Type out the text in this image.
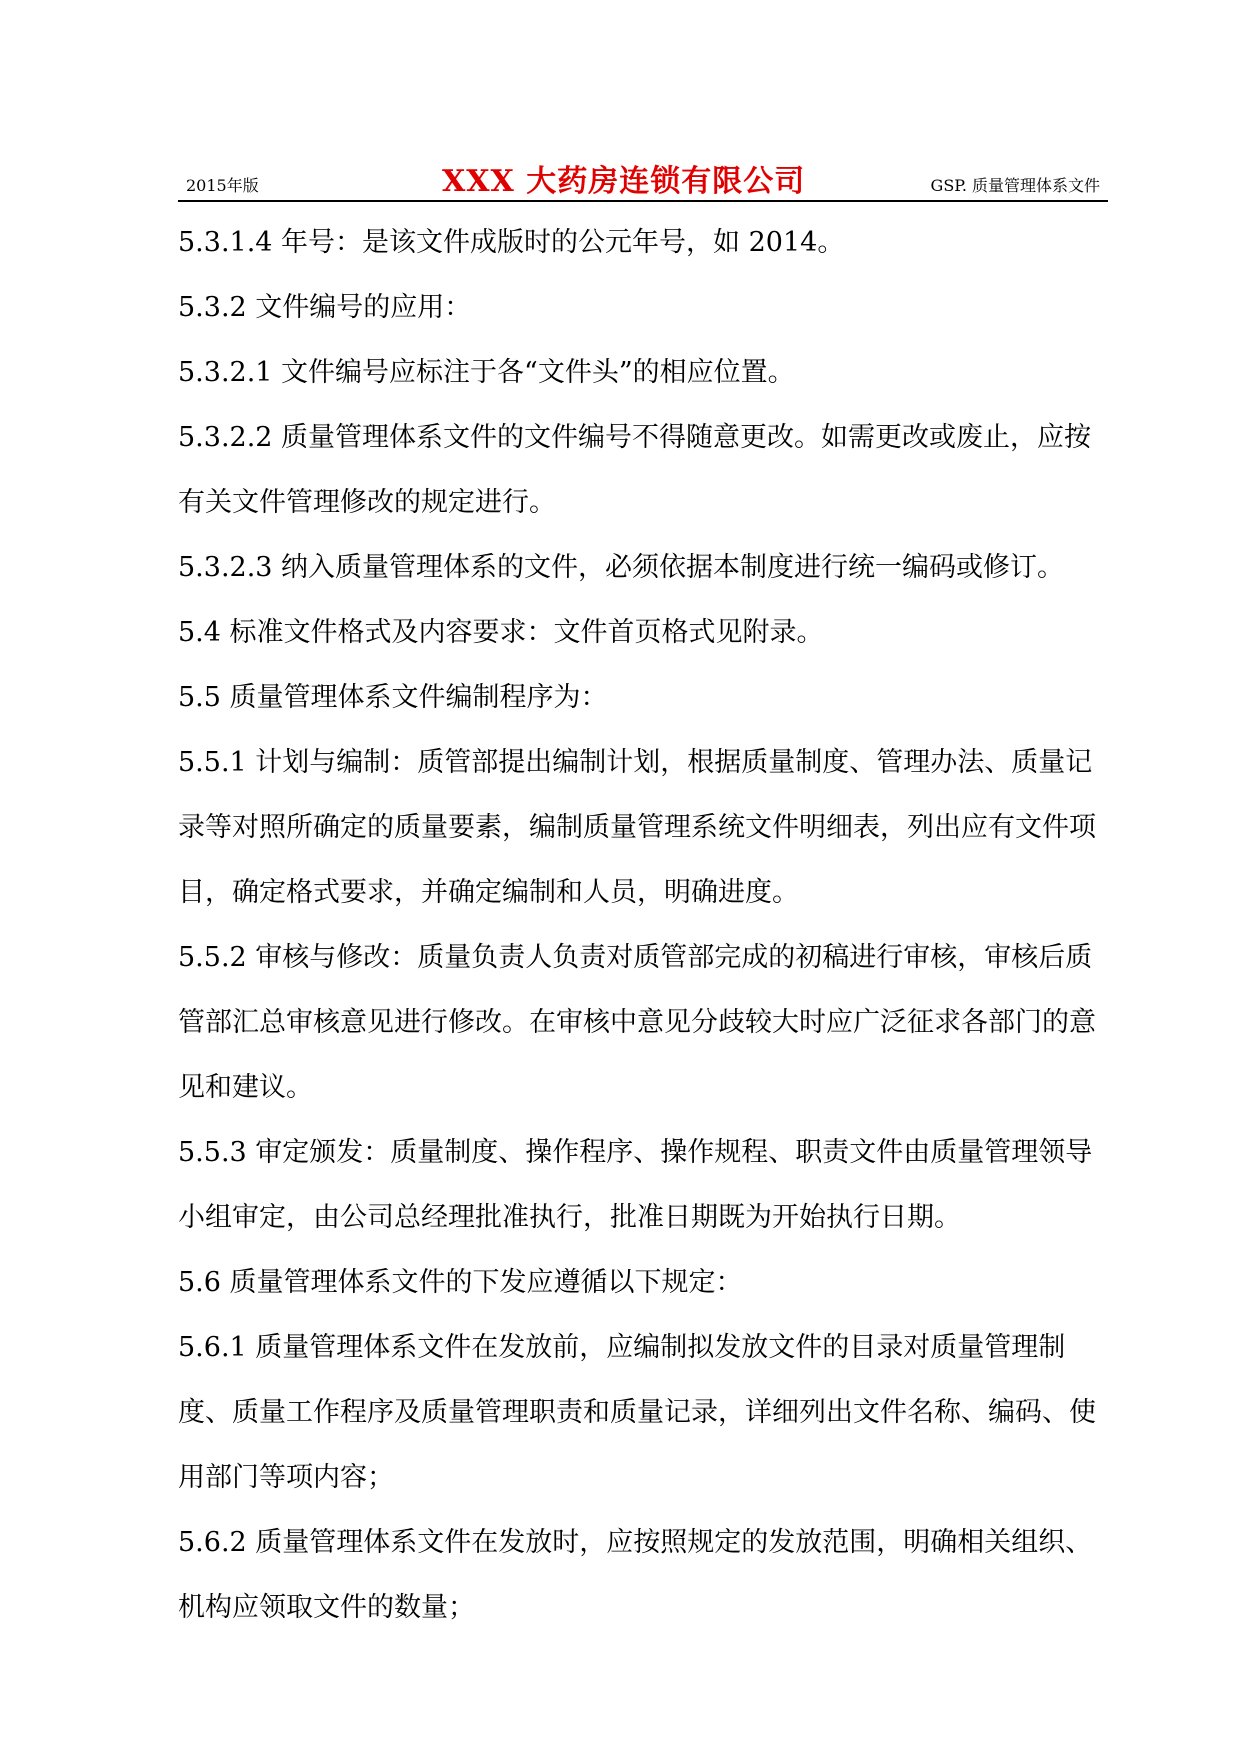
2015年版	XXX 大药房连锁有限公司	GSP. 质量管理体系文件

5.3.1.4 年号：是该文件成版时的公元年号，如 2014。

5.3.2 文件编号的应用：

5.3.2.1 文件编号应标注于各“文件头”的相应位置。

5.3.2.2 质量管理体系文件的文件编号不得随意更改。如需更改或废止，应按有关文件管理修改的规定进行。

5.3.2.3 纳入质量管理体系的文件，必须依据本制度进行统一编码或修订。

5.4 标准文件格式及内容要求：文件首页格式见附录。

5.5 质量管理体系文件编制程序为：

5.5.1 计划与编制：质管部提出编制计划，根据质量制度、管理办法、质量记录等对照所确定的质量要素，编制质量管理系统文件明细表，列出应有文件项目，确定格式要求，并确定编制和人员，明确进度。

5.5.2 审核与修改：质量负责人负责对质管部完成的初稿进行审核，审核后质管部汇总审核意见进行修改。在审核中意见分歧较大时应广泛征求各部门的意见和建议。

5.5.3 审定颁发：质量制度、操作程序、操作规程、职责文件由质量管理领导小组审定，由公司总经理批准执行，批准日期既为开始执行日期。

5.6 质量管理体系文件的下发应遵循以下规定：

5.6.1 质量管理体系文件在发放前，应编制拟发放文件的目录对质量管理制度、质量工作程序及质量管理职责和质量记录，详细列出文件名称、编码、使用部门等项内容；

5.6.2 质量管理体系文件在发放时，应按照规定的发放范围，明确相关组织、机构应领取文件的数量；
